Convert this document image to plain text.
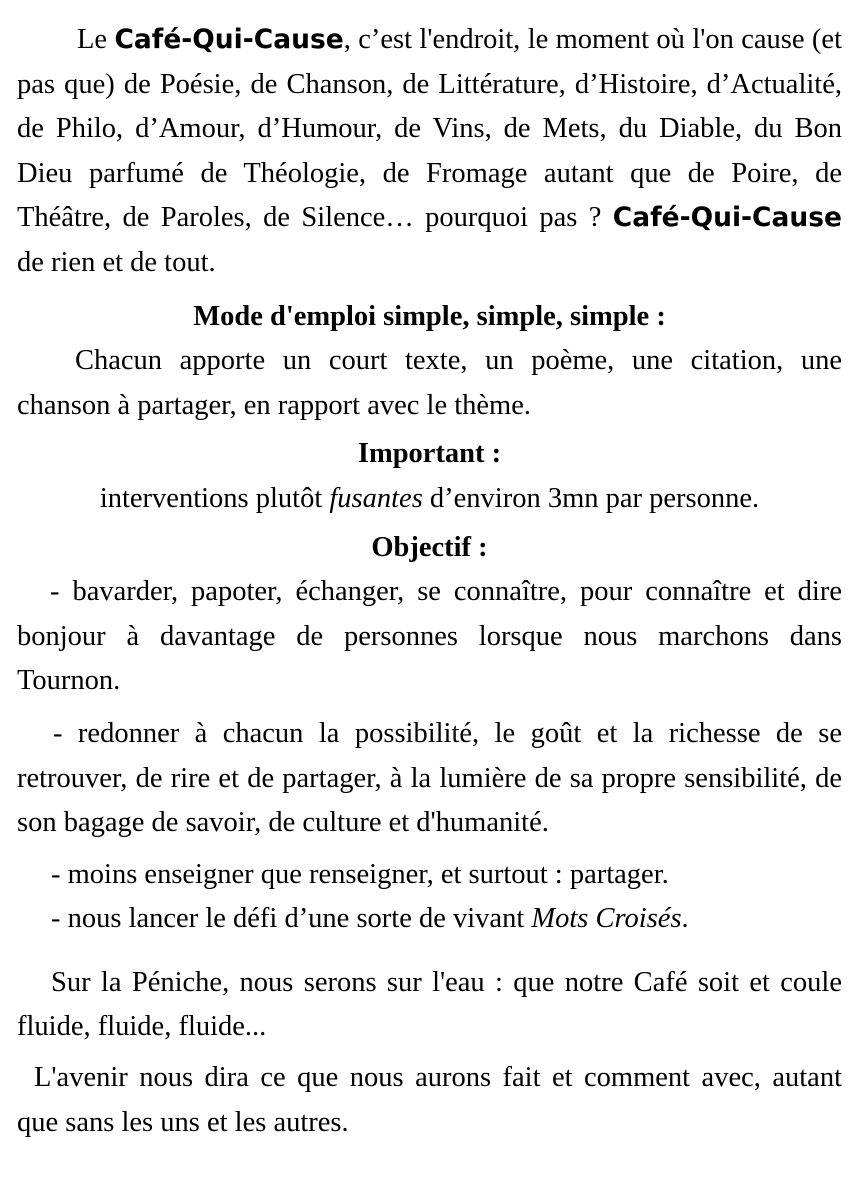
Le Café-Qui-Cause, c’est l'endroit, le moment où l'on cause (et pas que) de Poésie, de Chanson, de Littérature, d’Histoire, d’Actualité, de Philo, d’Amour, d’Humour, de Vins, de Mets, du Diable, du Bon Dieu parfumé de Théologie, de Fromage autant que de Poire, de Théâtre, de Paroles, de Silence… pourquoi pas ? Café-Qui-Cause de rien et de tout.

Mode d'emploi simple, simple, simple :

Chacun apporte un court texte, un poème, une citation, une chanson à partager, en rapport avec le thème.

Important :

interventions plutôt fusantes d’environ 3mn par personne.

Objectif :

- bavarder, papoter, échanger, se connaître, pour connaître et dire bonjour à davantage de personnes lorsque nous marchons dans Tournon.

- redonner à chacun la possibilité, le goût et la richesse de se retrouver, de rire et de partager, à la lumière de sa propre sensibilité, de son bagage de savoir, de culture et d'humanité.

- moins enseigner que renseigner, et surtout : partager.

- nous lancer le défi d’une sorte de vivant Mots Croisés.

Sur la Péniche, nous serons sur l'eau : que notre Café soit et coule fluide, fluide, fluide...

L'avenir nous dira ce que nous aurons fait et comment avec, autant que sans les uns et les autres.
